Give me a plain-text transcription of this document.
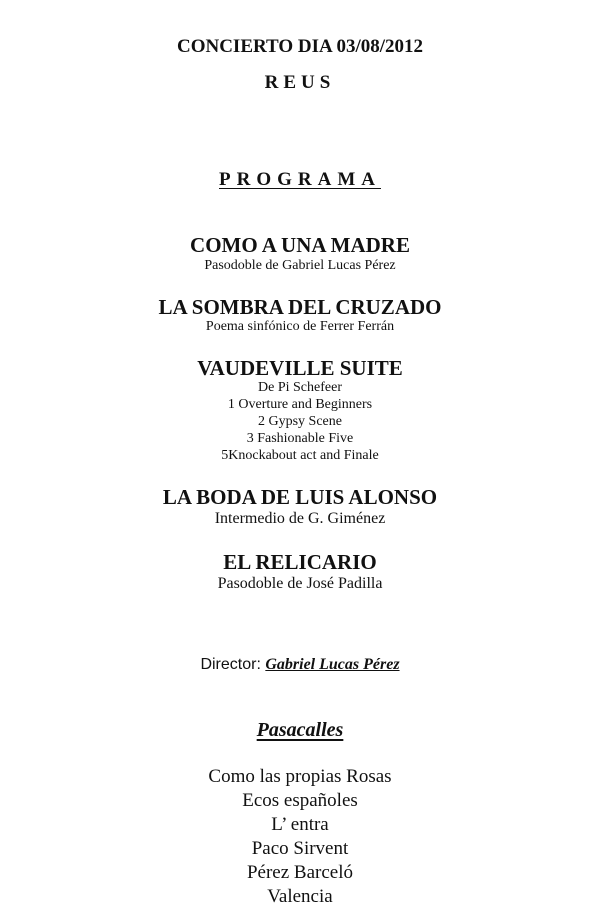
CONCIERTO DIA 03/08/2012
REUS
PROGRAMA
COMO A UNA MADRE
Pasodoble de Gabriel Lucas Pérez
LA SOMBRA DEL CRUZADO
Poema sinfónico de Ferrer Ferrán
VAUDEVILLE SUITE
De Pi Schefeer
1 Overture and Beginners
2 Gypsy Scene
3 Fashionable Five
5Knockabout act and Finale
LA BODA DE LUIS ALONSO
Intermedio de G. Giménez
EL RELICARIO
Pasodoble de José Padilla
Director: Gabriel Lucas Pérez
Pasacalles
Como las propias Rosas
Ecos españoles
L’ entra
Paco Sirvent
Pérez Barceló
Valencia
